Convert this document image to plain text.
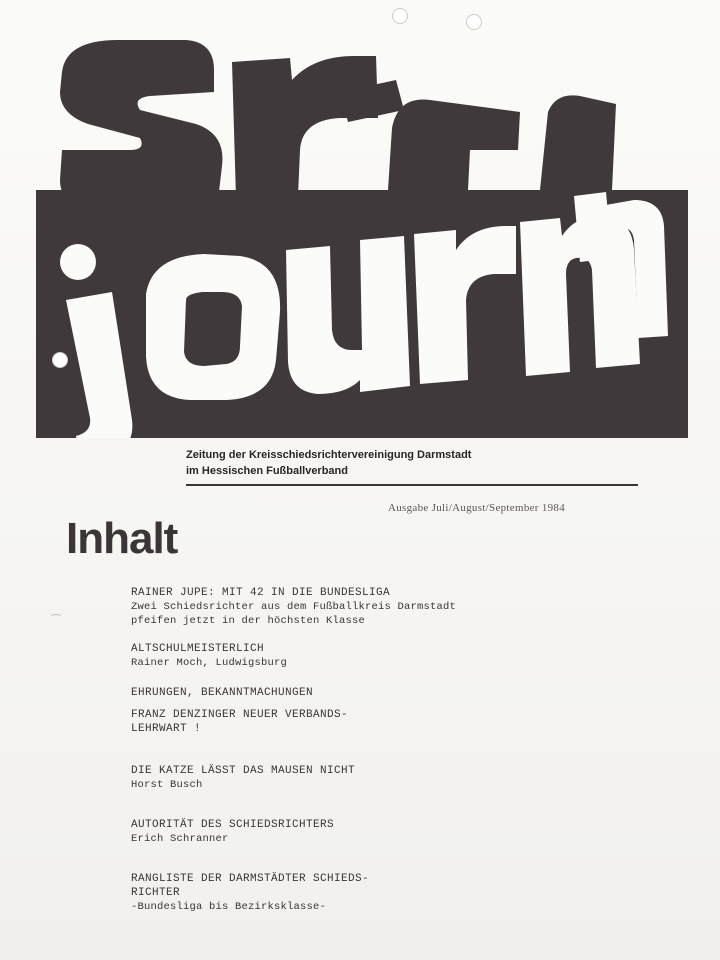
Zeitung der Kreisschiedsrichtervereinigung Darmstadt
im Hessischen Fußballverband
Ausgabe Juli/August/September 1984
Inhalt
RAINER JUPE: MIT 42 IN DIE BUNDESLIGA
Zwei Schiedsrichter aus dem Fußballkreis Darmstadt
pfeifen jetzt in der höchsten Klasse
ALTSCHULMEISTERLICH
Rainer Moch, Ludwigsburg
EHRUNGEN, BEKANNTMACHUNGEN
FRANZ DENZINGER NEUER VERBANDS-
LEHRWART !
DIE KATZE LÄSST DAS MAUSEN NICHT
Horst Busch
AUTORITÄT DES SCHIEDSRICHTERS
Erich Schranner
RANGLISTE DER DARMSTÄDTER SCHIEDS-
RICHTER
-Bundesliga bis Bezirksklasse-
